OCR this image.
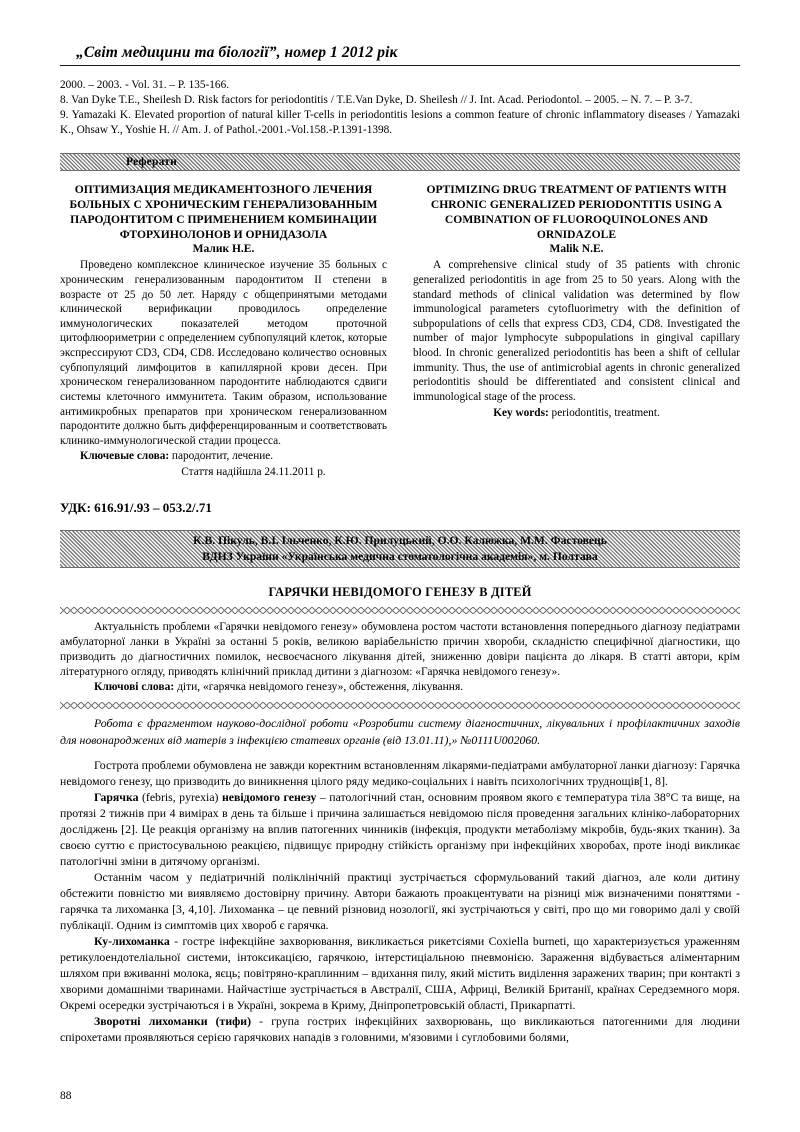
„Світ медицини та біології”, номер 1 2012 рік
2000. – 2003. - Vol. 31. – P. 135-166.
8. Van Dyke T.E., Sheilesh D. Risk factors for periodontitis / T.E.Van Dyke, D. Sheilesh // J. Int. Acad. Periodontol. – 2005. – N. 7. – P. 3-7.
9. Yamazaki K. Elevated proportion of natural killer T-cells in periodontitis lesions a common feature of chronic inflammatory diseases / Yamazaki K., Ohsaw Y., Yoshie H. // Am. J. of Pathol.-2001.-Vol.158.-P.1391-1398.
Реферати
ОПТИМИЗАЦИЯ МЕДИКАМЕНТОЗНОГО ЛЕЧЕНИЯ БОЛЬНЫХ С ХРОНИЧЕСКИМ ГЕНЕРАЛИЗОВАННЫМ ПАРОДОНТИТОМ С ПРИМЕНЕНИЕМ КОМБИНАЦИИ ФТОРХИНОЛОНОВ И ОРНИДАЗОЛА
Малик Н.Е.
Проведено комплексное клиническое изучение 35 больных с хроническим генерализованным пародонтитом II степени в возрасте от 25 до 50 лет. Наряду с общепринятыми методами клинической верификации проводилось определение иммунологических показателей методом проточной цитофлюориметрии с определением субпопуляций клеток, которые экспрессируют CD3, CD4, CD8. Исследовано количество основных субпопуляций лимфоцитов в капиллярной крови десен. При хроническом генерализованном пародонтите наблюдаются сдвиги системы клеточного иммунитета. Таким образом, использование антимикробных препаратов при хроническом генерализованном пародонтите должно быть дифференцированным и соответствовать клинико-иммунологической стадии процесса.
Ключевые слова: пародонтит, лечение.
Стаття надійшла 24.11.2011 р.
OPTIMIZING DRUG TREATMENT OF PATIENTS WITH CHRONIC GENERALIZED PERIODONTITIS USING A COMBINATION OF FLUOROQUINOLONES AND ORNIDAZOLE
Malik N.E.
A comprehensive clinical study of 35 patients with chronic generalized periodontitis in age from 25 to 50 years. Along with the standard methods of clinical validation was determined by flow immunological parameters cytofluorimetry with the definition of subpopulations of cells that express CD3, CD4, CD8. Investigated the number of major lymphocyte subpopulations in gingival capillary blood. In chronic generalized periodontitis has been a shift of cellular immunity. Thus, the use of antimicrobial agents in chronic generalized periodontitis should be differentiated and consistent clinical and immunological stage of the process.
Key words: periodontitis, treatment.
УДК: 616.91/.93 – 053.2/.71
К.В. Пікуль, В.І. Ільченко, К.Ю. Прилуцький, О.О. Калюжка, М.М. Фастовець
ВДНЗ України «Українська медична стоматологічна академія», м. Полтава
ГАРЯЧКИ НЕВІДОМОГО ГЕНЕЗУ В ДІТЕЙ
Актуальність проблеми «Гарячки невідомого генезу» обумовлена ростом частоти встановлення попереднього діагнозу педіатрами амбулаторної ланки в Україні за останні 5 років, великою варіабельністю причин хвороби, складністю специфічної діагностики, що призводить до діагностичних помилок, несвоєчасного лікування дітей, зниженню довіри пацієнта до лікаря. В статті автори, крім літературного огляду, приводять клінічний приклад дитини з діагнозом: «Гарячка невідомого генезу».
Ключові слова: діти, «гарячка невідомого генезу», обстеження, лікування.
Робота є фрагментом науково-дослідної роботи «Розробити систему діагностичних, лікувальних і профілактичних заходів для новонароджених від матерів з інфекцією статевих органів (від 13.01.11),» №0111U002060.

Гострота проблеми обумовлена не завжди коректним встановленням лікарями-педіатрами амбулаторної ланки діагнозу: Гарячка невідомого генезу, що призводить до виникнення цілого ряду медико-соціальних і навіть психологічних труднощів[1, 8].

Гарячка (febris, pyrexia) невідомого генезу – патологічний стан, основним проявом якого є температура тіла 38°С та вище, на протязі 2 тижнів при 4 вимірах в день та більше і причина залишається невідомою після проведення загальних клініко-лабораторних досліджень [2]. Це реакція організму на вплив патогенних чинників (інфекція, продукти метаболізму мікробів, будь-яких тканин). За своєю суттю є пристосувальною реакцією, підвищує природну стійкість організму при інфекційних хворобах, проте іноді викликає патологічні зміни в дитячому організмі.

Останнім часом у педіатричній поліклінічній практиці зустрічається сформульований такий діагноз, але коли дитину обстежити повністю ми виявляємо достовірну причину. Автори бажають проакцентувати на різниці між визначеними поняттями - гарячка та лихоманка [3, 4,10]. Лихоманка – це певний різновид нозології, які зустрічаються у світі, про що ми говоримо далі у своїй публікації. Одним із симптомів цих хвороб є гарячка.

Ку-лихоманка - гостре інфекційне захворювання, викликається рикетсіями Coxiella burneti, що характеризується ураженням ретикулоендотеліальної системи, інтоксикацією, гарячкою, інтерстиціальною пневмонією. Зараження відбувається аліментарним шляхом при вживанні молока, яєць; повітряно-краплинним – вдихання пилу, який містить виділення заражених тварин; при контакті з хворими домашніми тваринами. Найчастіше зустрічається в Австралії, США, Африці, Великій Британії, країнах Середземного моря. Окремі осередки зустрічаються і в Україні, зокрема в Криму, Дніпропетровській області, Прикарпатті.

Зворотні лихоманки (тифи) - група гострих інфекційних захворювань, що викликаються патогенними для людини спірохетами проявляються серією гарячкових нападів з головними, м'язовими і суглобовими болями,

88
